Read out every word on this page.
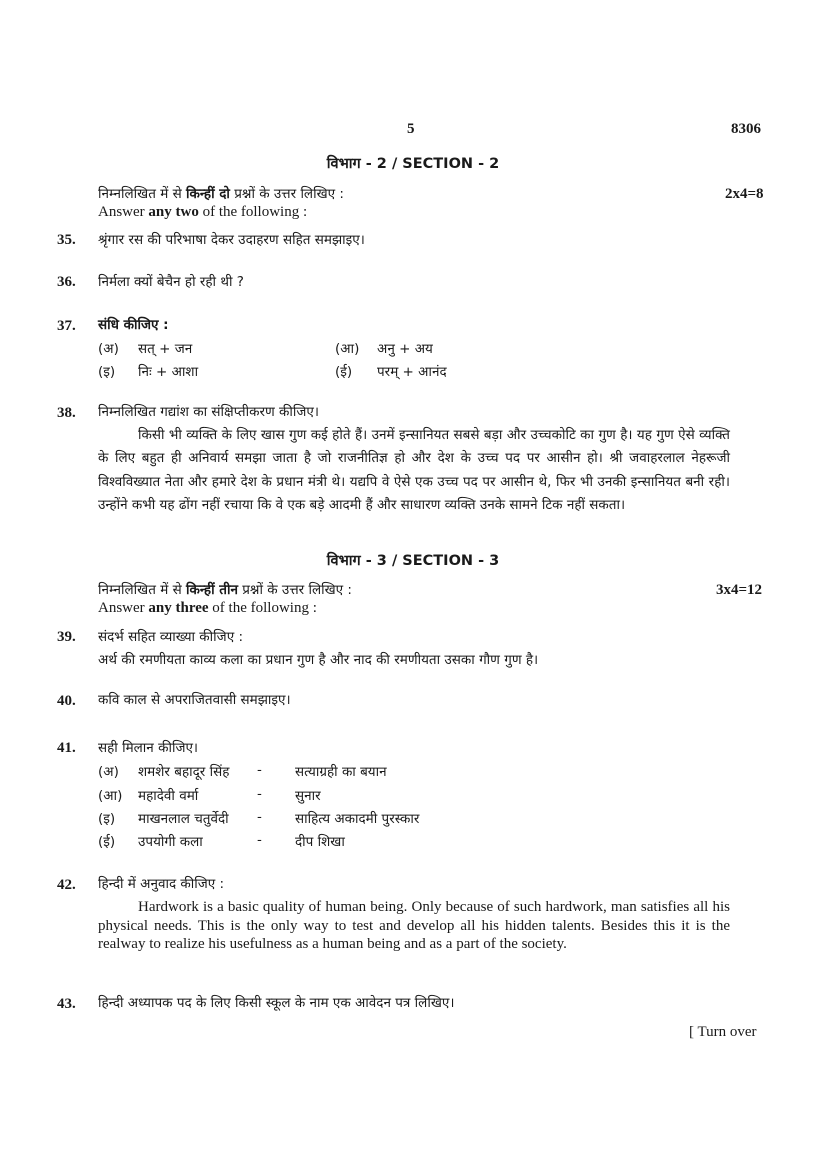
5	8306
विभाग - 2 / SECTION - 2
निम्नलिखित में से किन्हीं दो प्रश्नों के उत्तर लिखिए :	2x4=8
Answer any two of the following :
35. श्रृंगार रस की परिभाषा देकर उदाहरण सहित समझाइए।
36. निर्मला क्यों बेचैन हो रही थी ?
37. संधि कीजिए :
(अ) सत् + जन	(आ) अनु + अय
(इ) निः + आशा	(ई) परम् + आनंद
38. निम्नलिखित गद्यांश का संक्षिप्तीकरण कीजिए।

किसी भी व्यक्ति के लिए खास गुण कई होते हैं। उनमें इन्सानियत सबसे बड़ा और उच्चकोटि का गुण है। यह गुण ऐसे व्यक्ति के लिए बहुत ही अनिवार्य समझा जाता है जो राजनीतिज्ञ हो और देश के उच्च पद पर आसीन हो। श्री जवाहरलाल नेहरूजी विश्वविख्यात नेता और हमारे देश के प्रधान मंत्री थे। यद्यपि वे ऐसे एक उच्च पद पर आसीन थे, फिर भी उनकी इन्सानियत बनी रही। उन्होंने कभी यह ढोंग नहीं रचाया कि वे एक बड़े आदमी हैं और साधारण व्यक्ति उनके सामने टिक नहीं सकता।

विभाग - 3 / SECTION - 3
निम्नलिखित में से किन्हीं तीन प्रश्नों के उत्तर लिखिए :	3x4=12
Answer any three of the following :
39. संदर्भ सहित व्याख्या कीजिए :
अर्थ की रमणीयता काव्य कला का प्रधान गुण है और नाद की रमणीयता उसका गौण गुण है।
40. कवि काल से अपराजितवासी समझाइए।
41. सही मिलान कीजिए।
(अ) शमशेर बहादूर सिंह - सत्याग्रही का बयान
(आ) महादेवी वर्मा	- सुनार
(इ) माखनलाल चतुर्वेदी - साहित्य अकादमी पुरस्कार
(ई) उपयोगी कला	- दीप शिखा
42. हिन्दी में अनुवाद कीजिए :

Hardwork is a basic quality of human being. Only because of such hardwork, man satisfies all his physical needs. This is the only way to test and develop all his hidden talents. Besides this it is the realway to realize his usefulness as a human being and as a part of the society.

43. हिन्दी अध्यापक पद के लिए किसी स्कूल के नाम एक आवेदन पत्र लिखिए।
[ Turn over
